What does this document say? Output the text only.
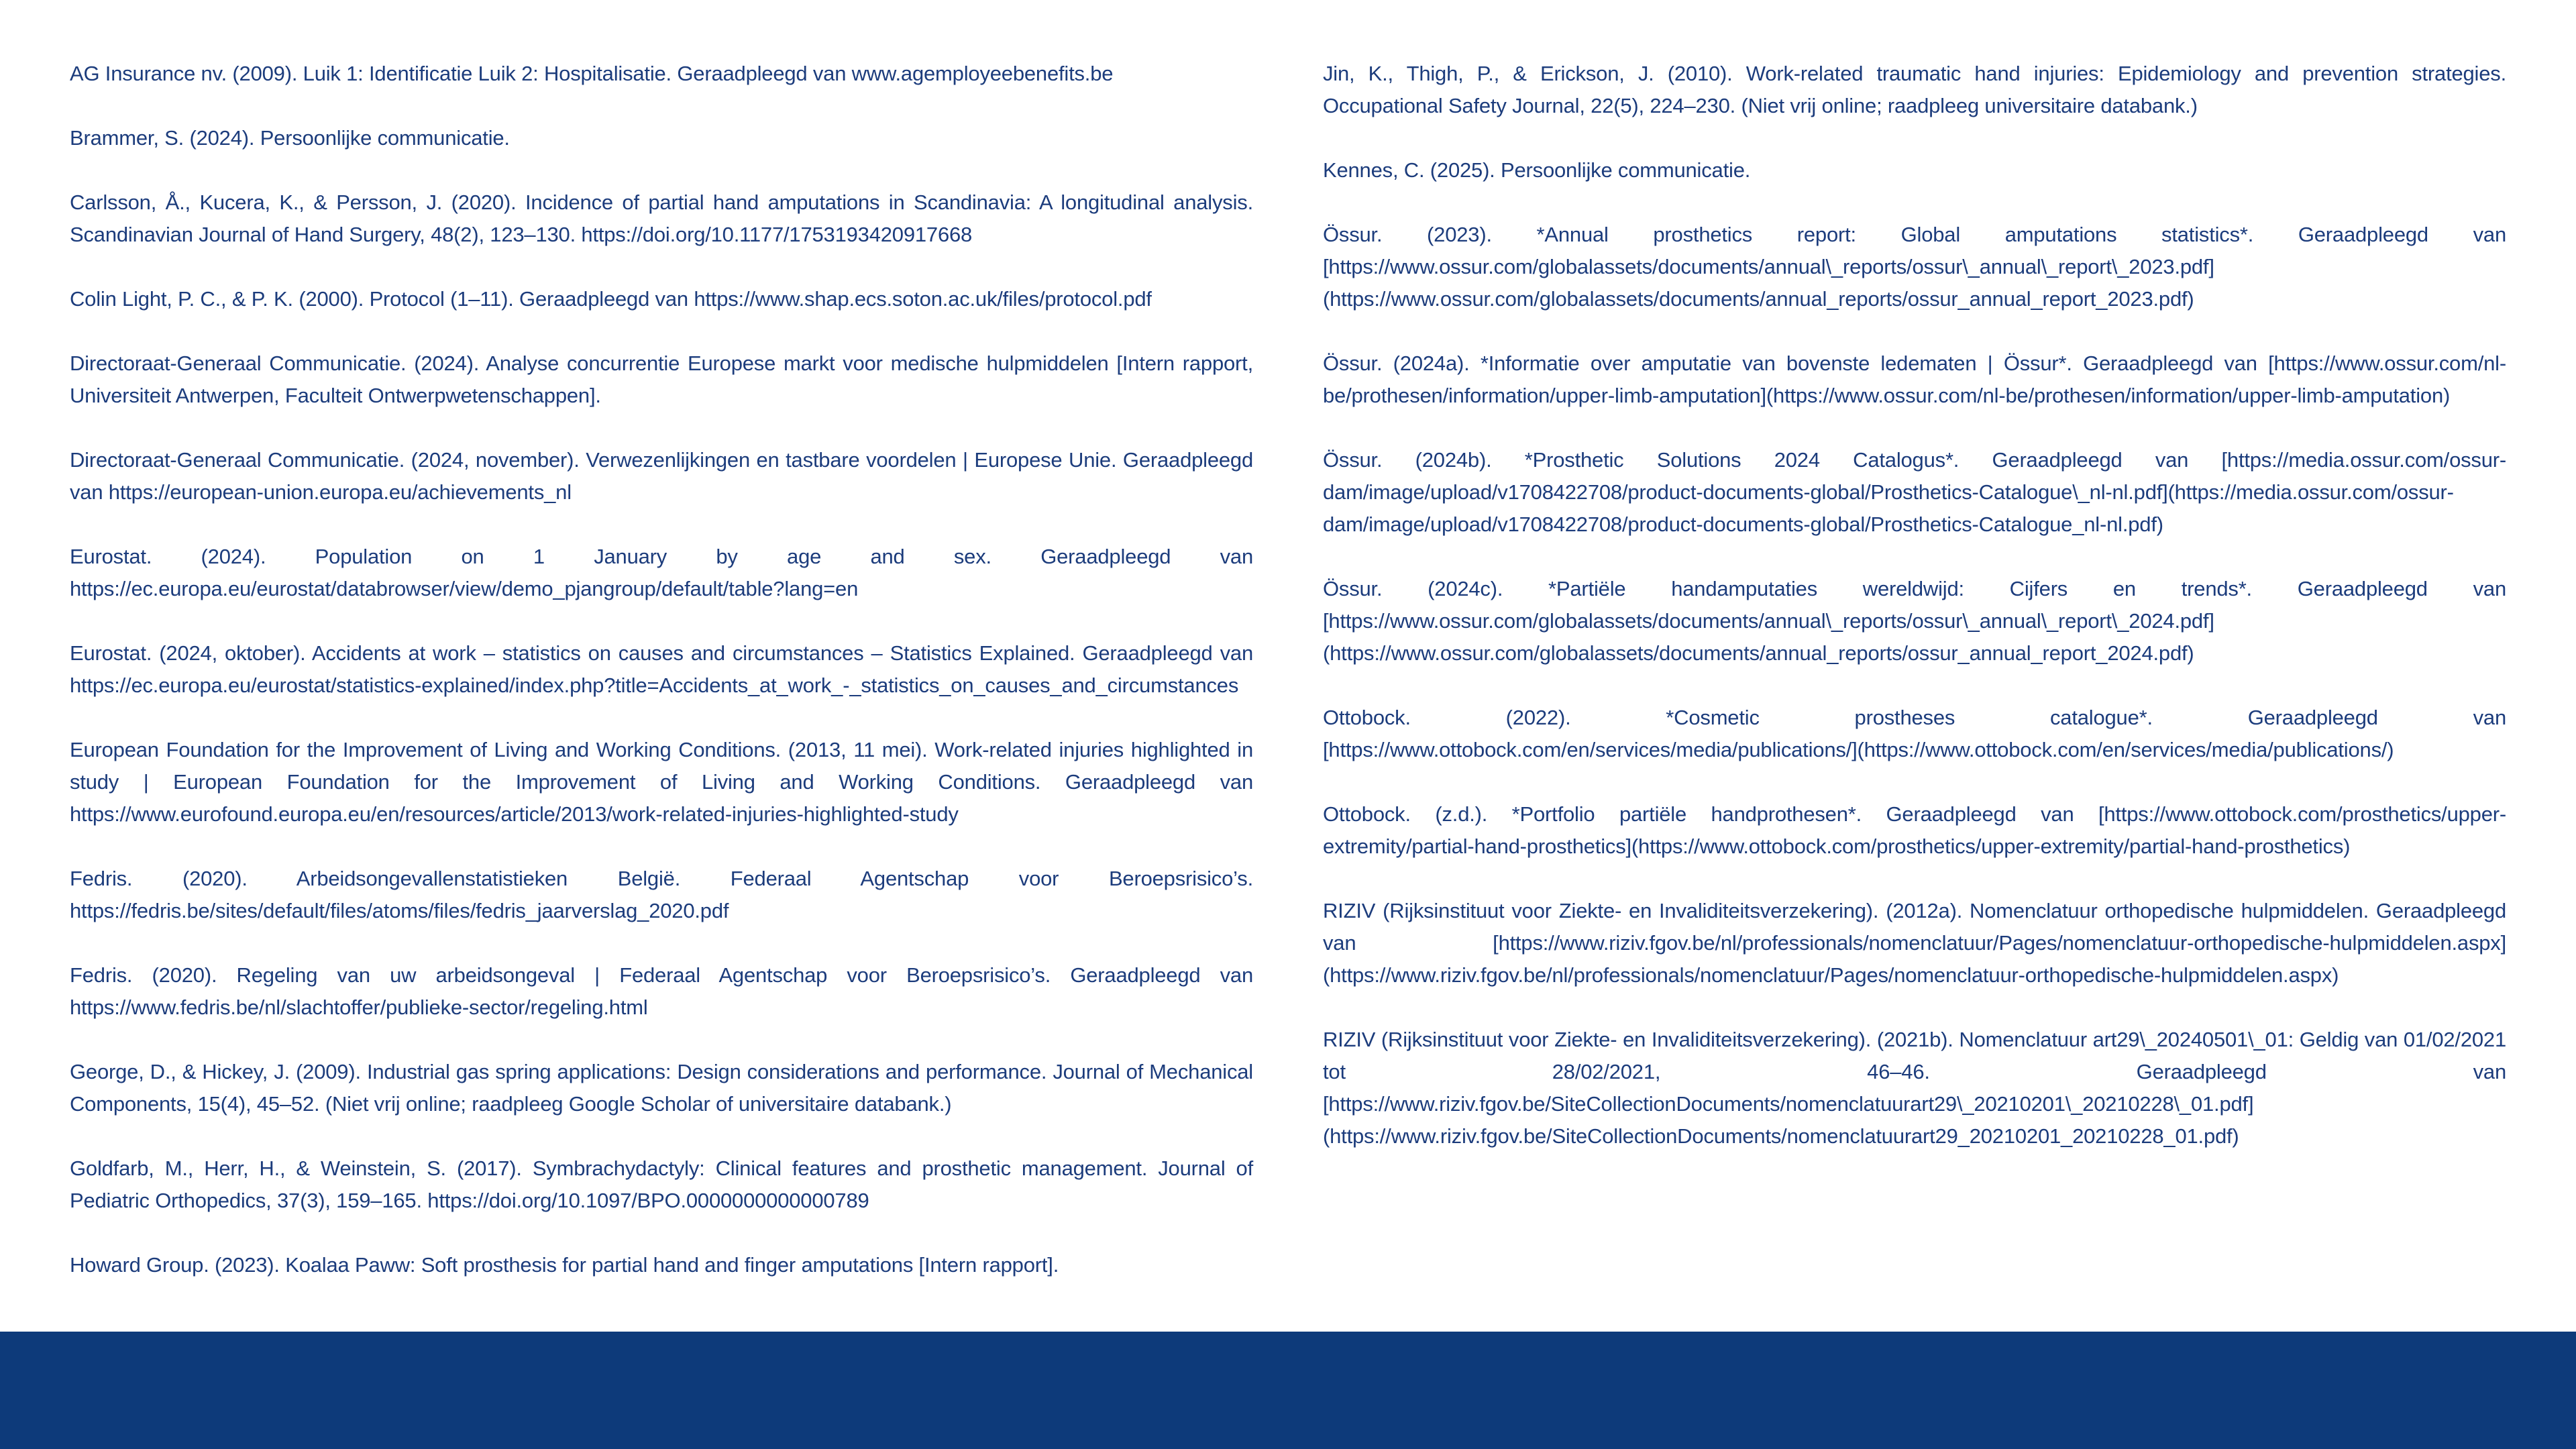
AG Insurance nv. (2009). Luik 1: Identificatie Luik 2: Hospitalisatie. Geraadpleegd van www.agemployeebenefits.be

Brammer, S. (2024). Persoonlijke communicatie.

Carlsson, Å., Kucera, K., & Persson, J. (2020). Incidence of partial hand amputations in Scandinavia: A longitudinal analysis. Scandinavian Journal of Hand Surgery, 48(2), 123–130. https://doi.org/10.1177/1753193420917668

Colin Light, P. C., & P. K. (2000). Protocol (1–11). Geraadpleegd van https://www.shap.ecs.soton.ac.uk/files/protocol.pdf

Directoraat-Generaal Communicatie. (2024). Analyse concurrentie Europese markt voor medische hulpmiddelen [Intern rapport, Universiteit Antwerpen, Faculteit Ontwerpwetenschappen].

Directoraat-Generaal Communicatie. (2024, november). Verwezenlijkingen en tastbare voordelen | Europese Unie. Geraadpleegd van https://european-union.europa.eu/achievements_nl

Eurostat. (2024). Population on 1 January by age and sex. Geraadpleegd van https://ec.europa.eu/eurostat/databrowser/view/demo_pjangroup/default/table?lang=en

Eurostat. (2024, oktober). Accidents at work – statistics on causes and circumstances – Statistics Explained. Geraadpleegd van https://ec.europa.eu/eurostat/statistics-explained/index.php?title=Accidents_at_work_-_statistics_on_causes_and_circumstances

European Foundation for the Improvement of Living and Working Conditions. (2013, 11 mei). Work-related injuries highlighted in study | European Foundation for the Improvement of Living and Working Conditions. Geraadpleegd van https://www.eurofound.europa.eu/en/resources/article/2013/work-related-injuries-highlighted-study

Fedris. (2020). Arbeidsongevallenstatistieken België. Federaal Agentschap voor Beroepsrisico’s. https://fedris.be/sites/default/files/atoms/files/fedris_jaarverslag_2020.pdf

Fedris. (2020). Regeling van uw arbeidsongeval | Federaal Agentschap voor Beroepsrisico’s. Geraadpleegd van https://www.fedris.be/nl/slachtoffer/publieke-sector/regeling.html

George, D., & Hickey, J. (2009). Industrial gas spring applications: Design considerations and performance. Journal of Mechanical Components, 15(4), 45–52. (Niet vrij online; raadpleeg Google Scholar of universitaire databank.)

Goldfarb, M., Herr, H., & Weinstein, S. (2017). Symbrachydactyly: Clinical features and prosthetic management. Journal of Pediatric Orthopedics, 37(3), 159–165. https://doi.org/10.1097/BPO.0000000000000789

Howard Group. (2023). Koalaa Paww: Soft prosthesis for partial hand and finger amputations [Intern rapport].

Jin, K., Thigh, P., & Erickson, J. (2010). Work-related traumatic hand injuries: Epidemiology and prevention strategies. Occupational Safety Journal, 22(5), 224–230. (Niet vrij online; raadpleeg universitaire databank.)

Kennes, C. (2025). Persoonlijke communicatie.

Össur. (2023). *Annual prosthetics report: Global amputations statistics*. Geraadpleegd van [https://www.ossur.com/globalassets/documents/annual\_reports/ossur\_annual\_report\_2023.pdf](https://www.ossur.com/globalassets/documents/annual_reports/ossur_annual_report_2023.pdf)

Össur. (2024a). *Informatie over amputatie van bovenste ledematen | Össur*. Geraadpleegd van [https://www.ossur.com/nl-be/prothesen/information/upper-limb-amputation](https://www.ossur.com/nl-be/prothesen/information/upper-limb-amputation)

Össur. (2024b). *Prosthetic Solutions 2024 Catalogus*. Geraadpleegd van [https://media.ossur.com/ossur-dam/image/upload/v1708422708/product-documents-global/Prosthetics-Catalogue\_nl-nl.pdf](https://media.ossur.com/ossur-dam/image/upload/v1708422708/product-documents-global/Prosthetics-Catalogue_nl-nl.pdf)

Össur. (2024c). *Partiële handamputaties wereldwijd: Cijfers en trends*. Geraadpleegd van [https://www.ossur.com/globalassets/documents/annual\_reports/ossur\_annual\_report\_2024.pdf](https://www.ossur.com/globalassets/documents/annual_reports/ossur_annual_report_2024.pdf)

Ottobock. (2022). *Cosmetic prostheses catalogue*. Geraadpleegd van [https://www.ottobock.com/en/services/media/publications/](https://www.ottobock.com/en/services/media/publications/)

Ottobock. (z.d.). *Portfolio partiële handprothesen*. Geraadpleegd van [https://www.ottobock.com/prosthetics/upper-extremity/partial-hand-prosthetics](https://www.ottobock.com/prosthetics/upper-extremity/partial-hand-prosthetics)

RIZIV (Rijksinstituut voor Ziekte- en Invaliditeitsverzekering). (2012a). Nomenclatuur orthopedische hulpmiddelen. Geraadpleegd van [https://www.riziv.fgov.be/nl/professionals/nomenclatuur/Pages/nomenclatuur-orthopedische-hulpmiddelen.aspx](https://www.riziv.fgov.be/nl/professionals/nomenclatuur/Pages/nomenclatuur-orthopedische-hulpmiddelen.aspx)

RIZIV (Rijksinstituut voor Ziekte- en Invaliditeitsverzekering). (2021b). Nomenclatuur art29\_20240501\_01: Geldig van 01/02/2021 tot 28/02/2021, 46–46. Geraadpleegd van [https://www.riziv.fgov.be/SiteCollectionDocuments/nomenclatuurart29\_20210201\_20210228\_01.pdf](https://www.riziv.fgov.be/SiteCollectionDocuments/nomenclatuurart29_20210201_20210228_01.pdf)
